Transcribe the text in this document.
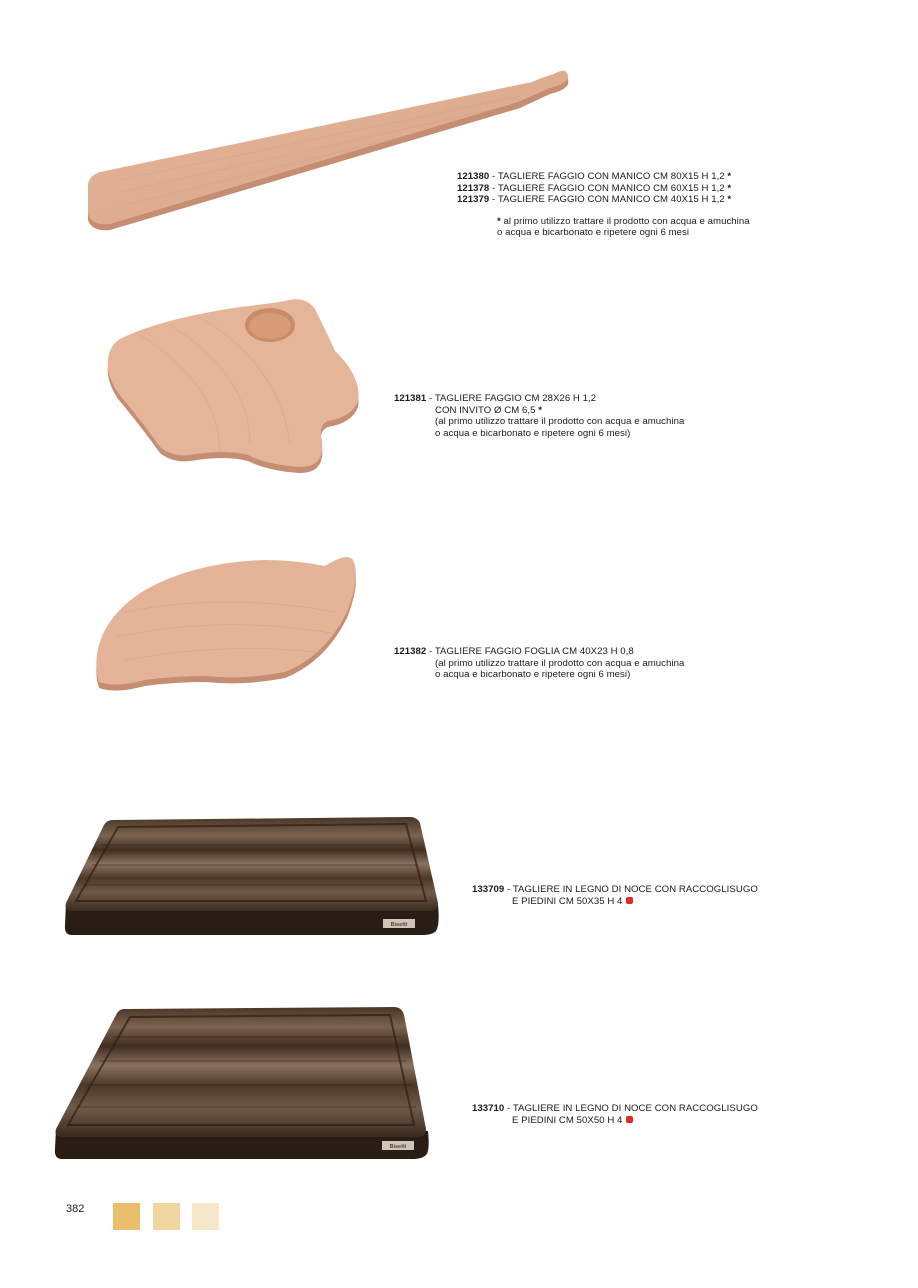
121380 - TAGLIERE FAGGIO CON MANICO CM 80X15 H 1,2 *
121378 - TAGLIERE FAGGIO CON MANICO CM 60X15 H 1,2 *
121379 - TAGLIERE FAGGIO CON MANICO CM 40X15 H 1,2 *
* al primo utilizzo trattare il prodotto con acqua e amuchina
o acqua e bicarbonato e ripetere ogni 6 mesi
121381 - TAGLIERE FAGGIO CM 28X26 H 1,2
CON INVITO Ø CM 6,5 *
(al primo utilizzo trattare il prodotto con acqua e amuchina
o acqua e bicarbonato e ripetere ogni 6 mesi)
121382 - TAGLIERE FAGGIO FOGLIA CM 40X23 H 0,8
(al primo utilizzo trattare il prodotto con acqua e amuchina
o acqua e bicarbonato e ripetere ogni 6 mesi)
Bisetti
133709 - TAGLIERE IN LEGNO DI NOCE CON RACCOGLISUGO
E PIEDINI CM 50X35 H 4
Bisetti
133710 - TAGLIERE IN LEGNO DI NOCE CON RACCOGLISUGO
E PIEDINI CM 50X50 H 4
382
